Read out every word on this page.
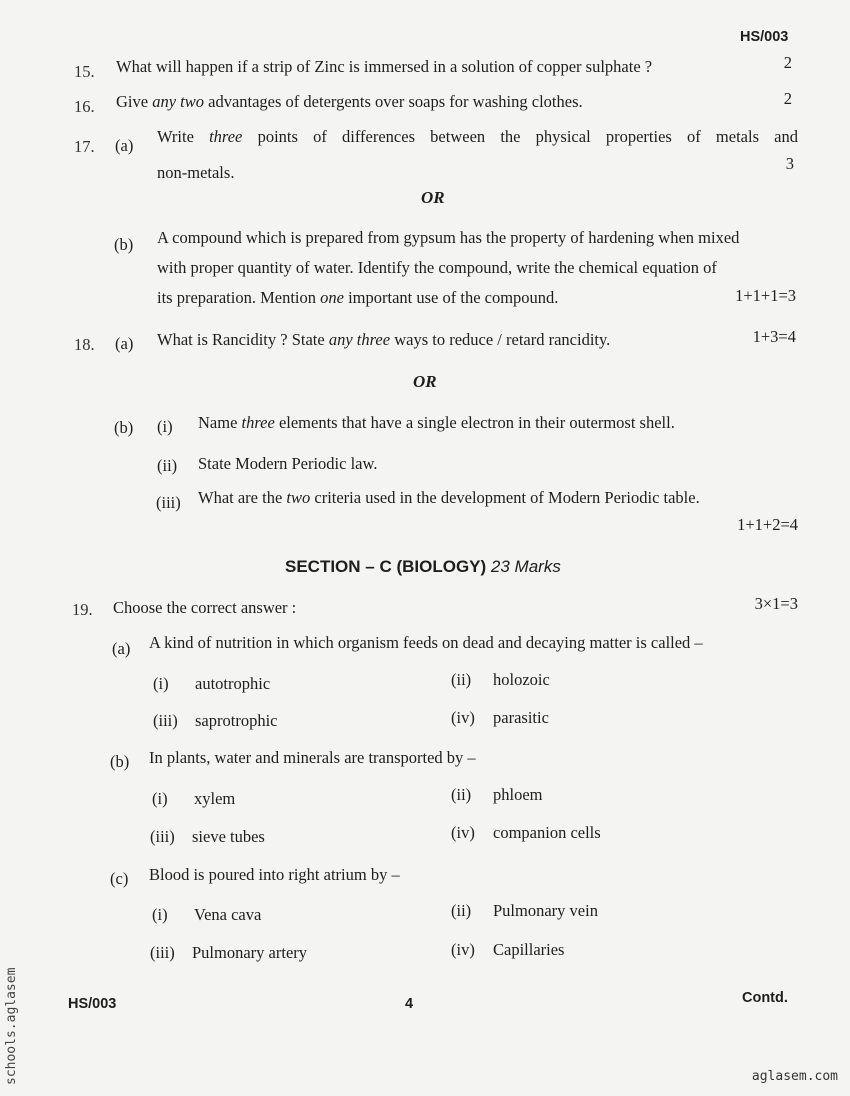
HS/003
15. What will happen if a strip of Zinc is immersed in a solution of copper sulphate ?	2
16. Give any two advantages of detergents over soaps for washing clothes.	2
17. (a) Write three points of differences between the physical properties of metals and
non-metals.	3
OR
(b) A compound which is prepared from gypsum has the property of hardening when mixed
with proper quantity of water. Identify the compound, write the chemical equation of
its preparation. Mention one important use of the compound.	1+1+1=3
18. (a) What is Rancidity ? State any three ways to reduce / retard rancidity.	1+3=4
OR
(b) (i) Name three elements that have a single electron in their outermost shell.
(ii) State Modern Periodic law.
(iii) What are the two criteria used in the development of Modern Periodic table.
1+1+2=4
SECTION – C (BIOLOGY) 23 Marks
19. Choose the correct answer :	3×1=3
(a) A kind of nutrition in which organism feeds on dead and decaying matter is called –
(i) autotrophic	(ii) holozoic
(iii) saprotrophic	(iv) parasitic
(b) In plants, water and minerals are transported by –
(i) xylem	(ii) phloem
(iii) sieve tubes	(iv) companion cells
(c) Blood is poured into right atrium by –
(i) Vena cava	(ii) Pulmonary vein
(iii) Pulmonary artery	(iv) Capillaries
HS/003	4	Contd.
schools.aglasem	aglasem.com
